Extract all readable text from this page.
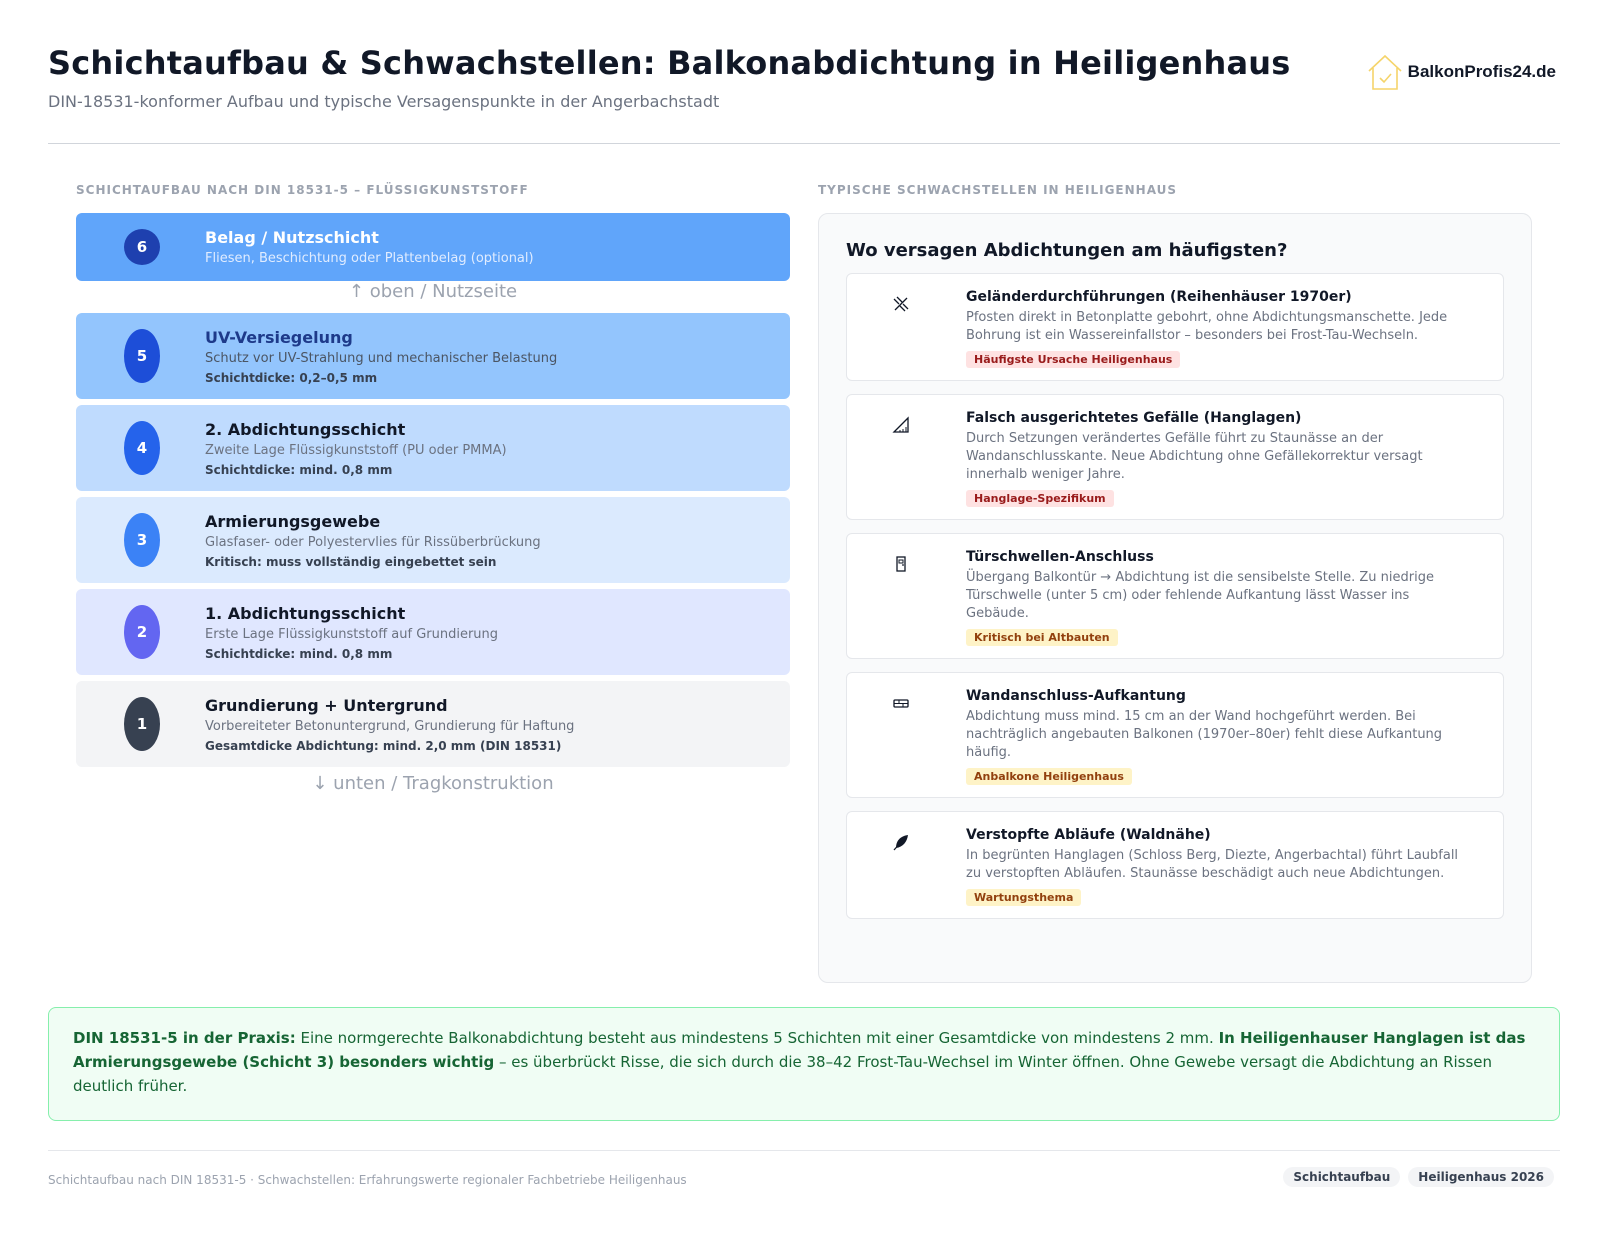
Schichtaufbau & Schwachstellen: Balkonabdichtung in Heiligenhaus
DIN-18531-konformer Aufbau und typische Versagenspunkte in der Angerbachstadt
BalkonProfis24.de
SCHICHTAUFBAU NACH DIN 18531-5 – FLÜSSIGKUNSTSTOFF	TYPISCHE SCHWACHSTELLEN IN HEILIGENHAUS
6	Belag / Nutzschicht
Fliesen, Beschichtung oder Plattenbelag (optional)
↑ oben / Nutzseite
5
UV-Versiegelung
Schutz vor UV-Strahlung und mechanischer Belastung
Schichtdicke: 0,2–0,5 mm
4
2. Abdichtungsschicht
Zweite Lage Flüssigkunststoff (PU oder PMMA)
Schichtdicke: mind. 0,8 mm
3
Armierungsgewebe
Glasfaser- oder Polyestervlies für Rissüberbrückung
Kritisch: muss vollständig eingebettet sein
2
1. Abdichtungsschicht
Erste Lage Flüssigkunststoff auf Grundierung
Schichtdicke: mind. 0,8 mm
1
Grundierung + Untergrund
Vorbereiteter Betonuntergrund, Grundierung für Haftung
Gesamtdicke Abdichtung: mind. 2,0 mm (DIN 18531)
↓ unten / Tragkonstruktion
Wo versagen Abdichtungen am häufigsten?
Geländerdurchführungen (Reihenhäuser 1970er)
Pfosten direkt in Betonplatte gebohrt, ohne Abdichtungsmanschette. Jede Bohrung ist ein Wassereinfallstor – besonders bei Frost-Tau-Wechseln.
Häufigste Ursache Heiligenhaus
Falsch ausgerichtetes Gefälle (Hanglagen)
Durch Setzungen verändertes Gefälle führt zu Staunässe an der Wandanschlusskante. Neue Abdichtung ohne Gefällekorrektur versagt innerhalb weniger Jahre.
Hanglage-Spezifikum
Türschwellen-Anschluss
Übergang Balkontür → Abdichtung ist die sensibelste Stelle. Zu niedrige Türschwelle (unter 5 cm) oder fehlende Aufkantung lässt Wasser ins Gebäude.
Kritisch bei Altbauten
Wandanschluss-Aufkantung
Abdichtung muss mind. 15 cm an der Wand hochgeführt werden. Bei nachträglich angebauten Balkonen (1970er–80er) fehlt diese Aufkantung häufig.
Anbalkone Heiligenhaus
Verstopfte Abläufe (Waldnähe)
In begrünten Hanglagen (Schloss Berg, Diezte, Angerbachtal) führt Laubfall zu verstopften Abläufen. Staunässe beschädigt auch neue Abdichtungen.
Wartungsthema
DIN 18531-5 in der Praxis: Eine normgerechte Balkonabdichtung besteht aus mindestens 5 Schichten mit einer Gesamtdicke von mindestens 2 mm. In Heiligenhauser Hanglagen ist das Armierungsgewebe (Schicht 3) besonders wichtig – es überbrückt Risse, die sich durch die 38–42 Frost-Tau-Wechsel im Winter öffnen. Ohne Gewebe versagt die Abdichtung an Rissen deutlich früher.
Schichtaufbau nach DIN 18531-5 · Schwachstellen: Erfahrungswerte regionaler Fachbetriebe Heiligenhaus	Schichtaufbau	Heiligenhaus 2026
